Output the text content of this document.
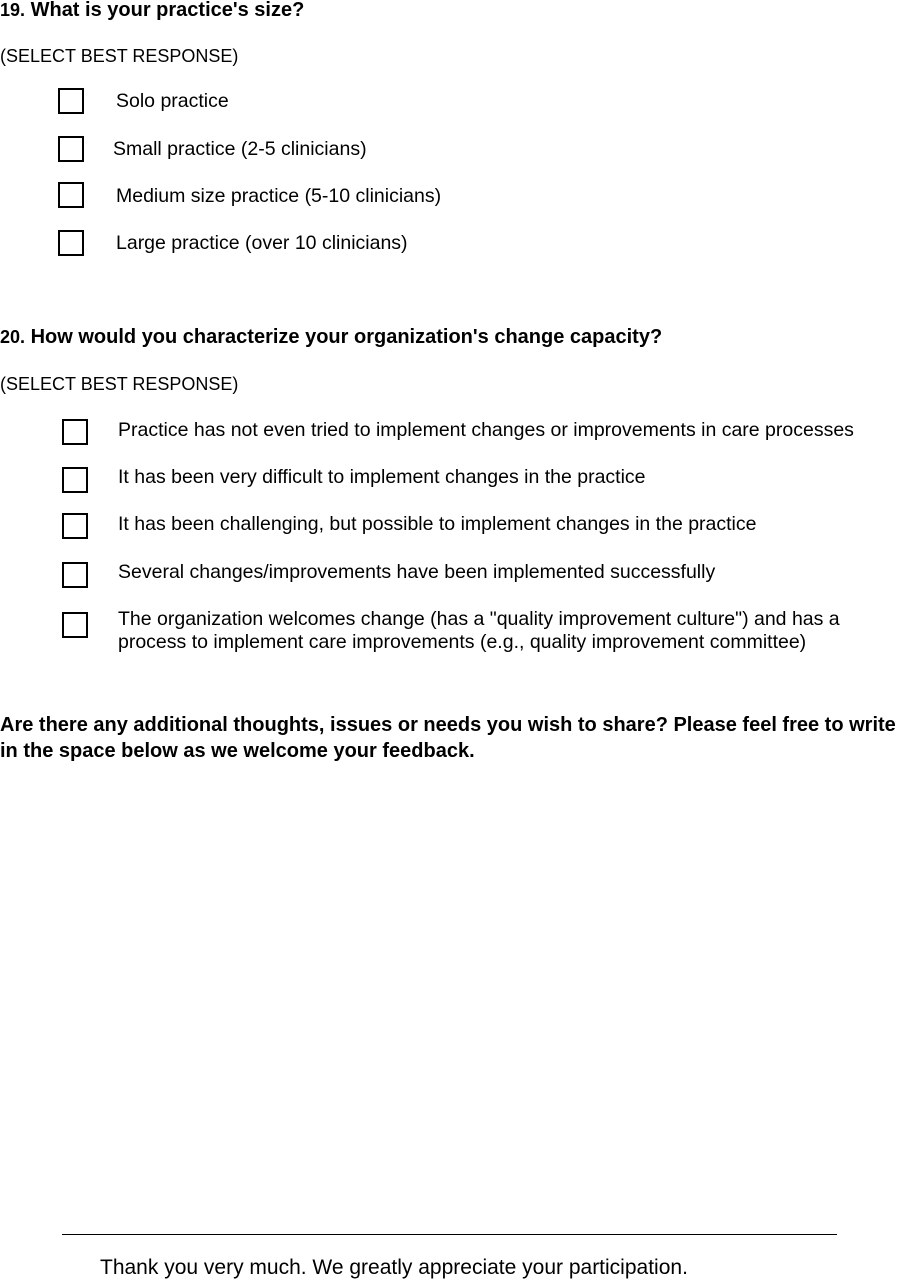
19. What is your practice's size?
(SELECT BEST RESPONSE)
Solo practice
Small practice (2-5 clinicians)
Medium size practice (5-10 clinicians)
Large practice (over 10 clinicians)
20. How would you characterize your organization's change capacity?
(SELECT BEST RESPONSE)
Practice has not even tried to implement changes or improvements in care processes
It has been very difficult to implement changes in the practice
It has been challenging, but possible to implement changes in the practice
Several changes/improvements have been implemented successfully
The organization welcomes change (has a "quality improvement culture") and has a process to implement care improvements (e.g., quality improvement committee)
Are there any additional thoughts, issues or needs you wish to share? Please feel free to write in the space below as we welcome your feedback.
Thank you very much. We greatly appreciate your participation.
